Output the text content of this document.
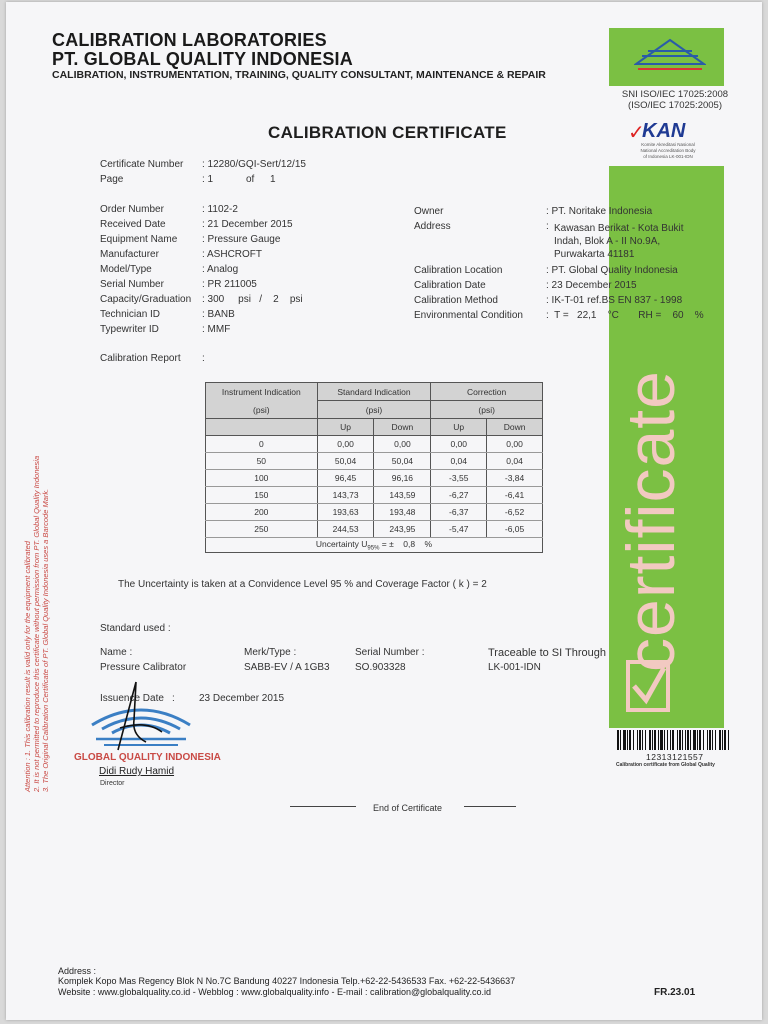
CALIBRATION LABORATORIES
PT. GLOBAL QUALITY INDONESIA
CALIBRATION, INSTRUMENTATION, TRAINING, QUALITY CONSULTANT, MAINTENANCE & REPAIR
SNI ISO/IEC 17025:2008
(ISO/IEC 17025:2005)
✓
KAN
Komite Akreditasi Nasional National Accreditation Body of Indonesia LK-001-IDN
certificate
12313121557
Calibration certificate from Global Quality
CALIBRATION CERTIFICATE
Certificate Number : 12280/GQI-Sert/12/15
Page	: 1	of 1
Order Number	: 1102-2
Received Date	: 21 December 2015
Equipment Name : Pressure Gauge
Manufacturer	: ASHCROFT
Model/Type	: Analog
Serial Number	: PR 211005
Capacity/Graduation : 300     psi   /    2    psi
Technician ID	: BANB
Typewriter ID	: MMF
Owner	: PT. Noritake Indonesia
Address	: Kawasan Berikat - Kota Bukit
Indah, Blok A - II No.9A,
Purwakarta 41181
Calibration Location	: PT. Global Quality Indonesia
Calibration Date	: 23 December 2015
Calibration Method	: IK-T-01 ref.BS EN 837 - 1998
Environmental Condition :  T =   22,1    °C       RH =    60    %
Calibration Report :
Instrument Indication
(psi)	Standard Indication		Correction	
	(psi)		(psi)	
	Up	Down	Up	Down
0	0,00	0,00	0,00	0,00
50	50,04	50,04	0,04	0,04
100	96,45	96,16	-3,55	-3,84
150	143,73	143,59	-6,27	-6,41
200	193,63	193,48	-6,37	-6,52
250	244,53	243,95	-5,47	-6,05
Uncertainty $U_{95\%}$ = ±    0,8    %				
The Uncertainty is taken at a Convidence Level 95 % and Coverage Factor ( k ) = 2
Standard used :
Name :
Pressure Calibrator
Merk/Type :
SABB-EV / A 1GB3
Serial Number :
SO.903328
Traceable to SI Through
LK-001-IDN
Issuence Date : 23 December 2015
GLOBAL QUALITY INDONESIA
Didi Rudy Hamid
Director
End of Certificate
Attention : 1. This calibration result is valid only for the equipment calibrated 2. It is not permitted to reproduce this certificate without permission from PT. Global Quality Indonesia 3. The Original Calibration Certificate of PT. Global Quality Indonesia uses a Barcode Mark.
Address :
Komplek Kopo Mas Regency Blok N No.7C Bandung 40227 Indonesia Telp.+62-22-5436533 Fax. +62-22-5436637
Website : www.globalquality.co.id - Webblog : www.globalquality.info - E-mail : calibration@globalquality.co.id	FR.23.01
